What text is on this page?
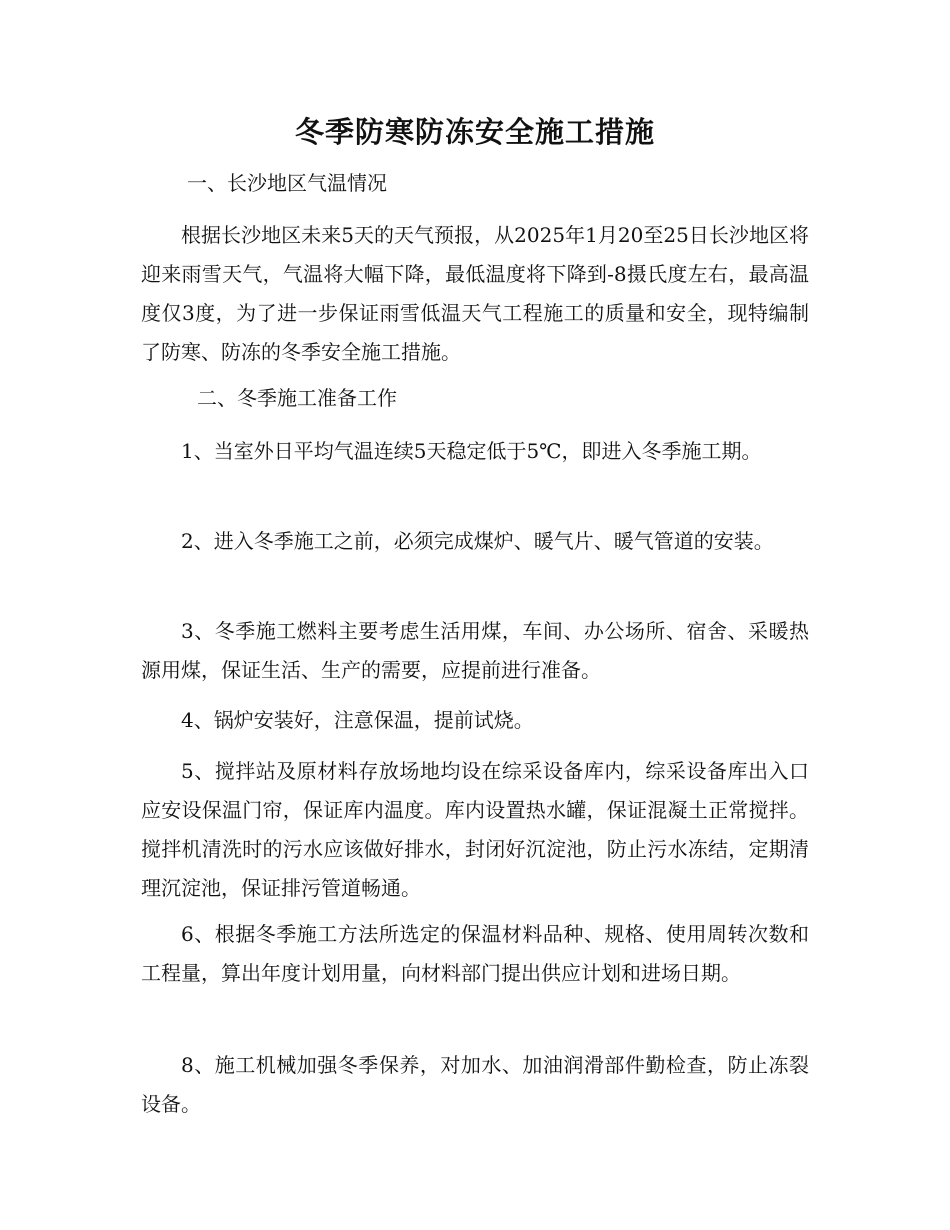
冬季防寒防冻安全施工措施
一、长沙地区气温情况
根据长沙地区未来5天的天气预报，从2025年1月20至25日长沙地区将迎来雨雪天气，气温将大幅下降，最低温度将下降到-8摄氏度左右，最高温度仅3度，为了进一步保证雨雪低温天气工程施工的质量和安全，现特编制了防寒、防冻的冬季安全施工措施。
二、冬季施工准备工作
1、当室外日平均气温连续5天稳定低于5℃，即进入冬季施工期。
2、进入冬季施工之前，必须完成煤炉、暖气片、暖气管道的安装。
3、冬季施工燃料主要考虑生活用煤，车间、办公场所、宿舍、采暖热源用煤，保证生活、生产的需要，应提前进行准备。
4、锅炉安装好，注意保温，提前试烧。
5、搅拌站及原材料存放场地均设在综采设备库内，综采设备库出入口应安设保温门帘，保证库内温度。库内设置热水罐，保证混凝土正常搅拌。搅拌机清洗时的污水应该做好排水，封闭好沉淀池，防止污水冻结，定期清理沉淀池，保证排污管道畅通。
6、根据冬季施工方法所选定的保温材料品种、规格、使用周转次数和工程量，算出年度计划用量，向材料部门提出供应计划和进场日期。
8、施工机械加强冬季保养，对加水、加油润滑部件勤检查，防止冻裂设备。
